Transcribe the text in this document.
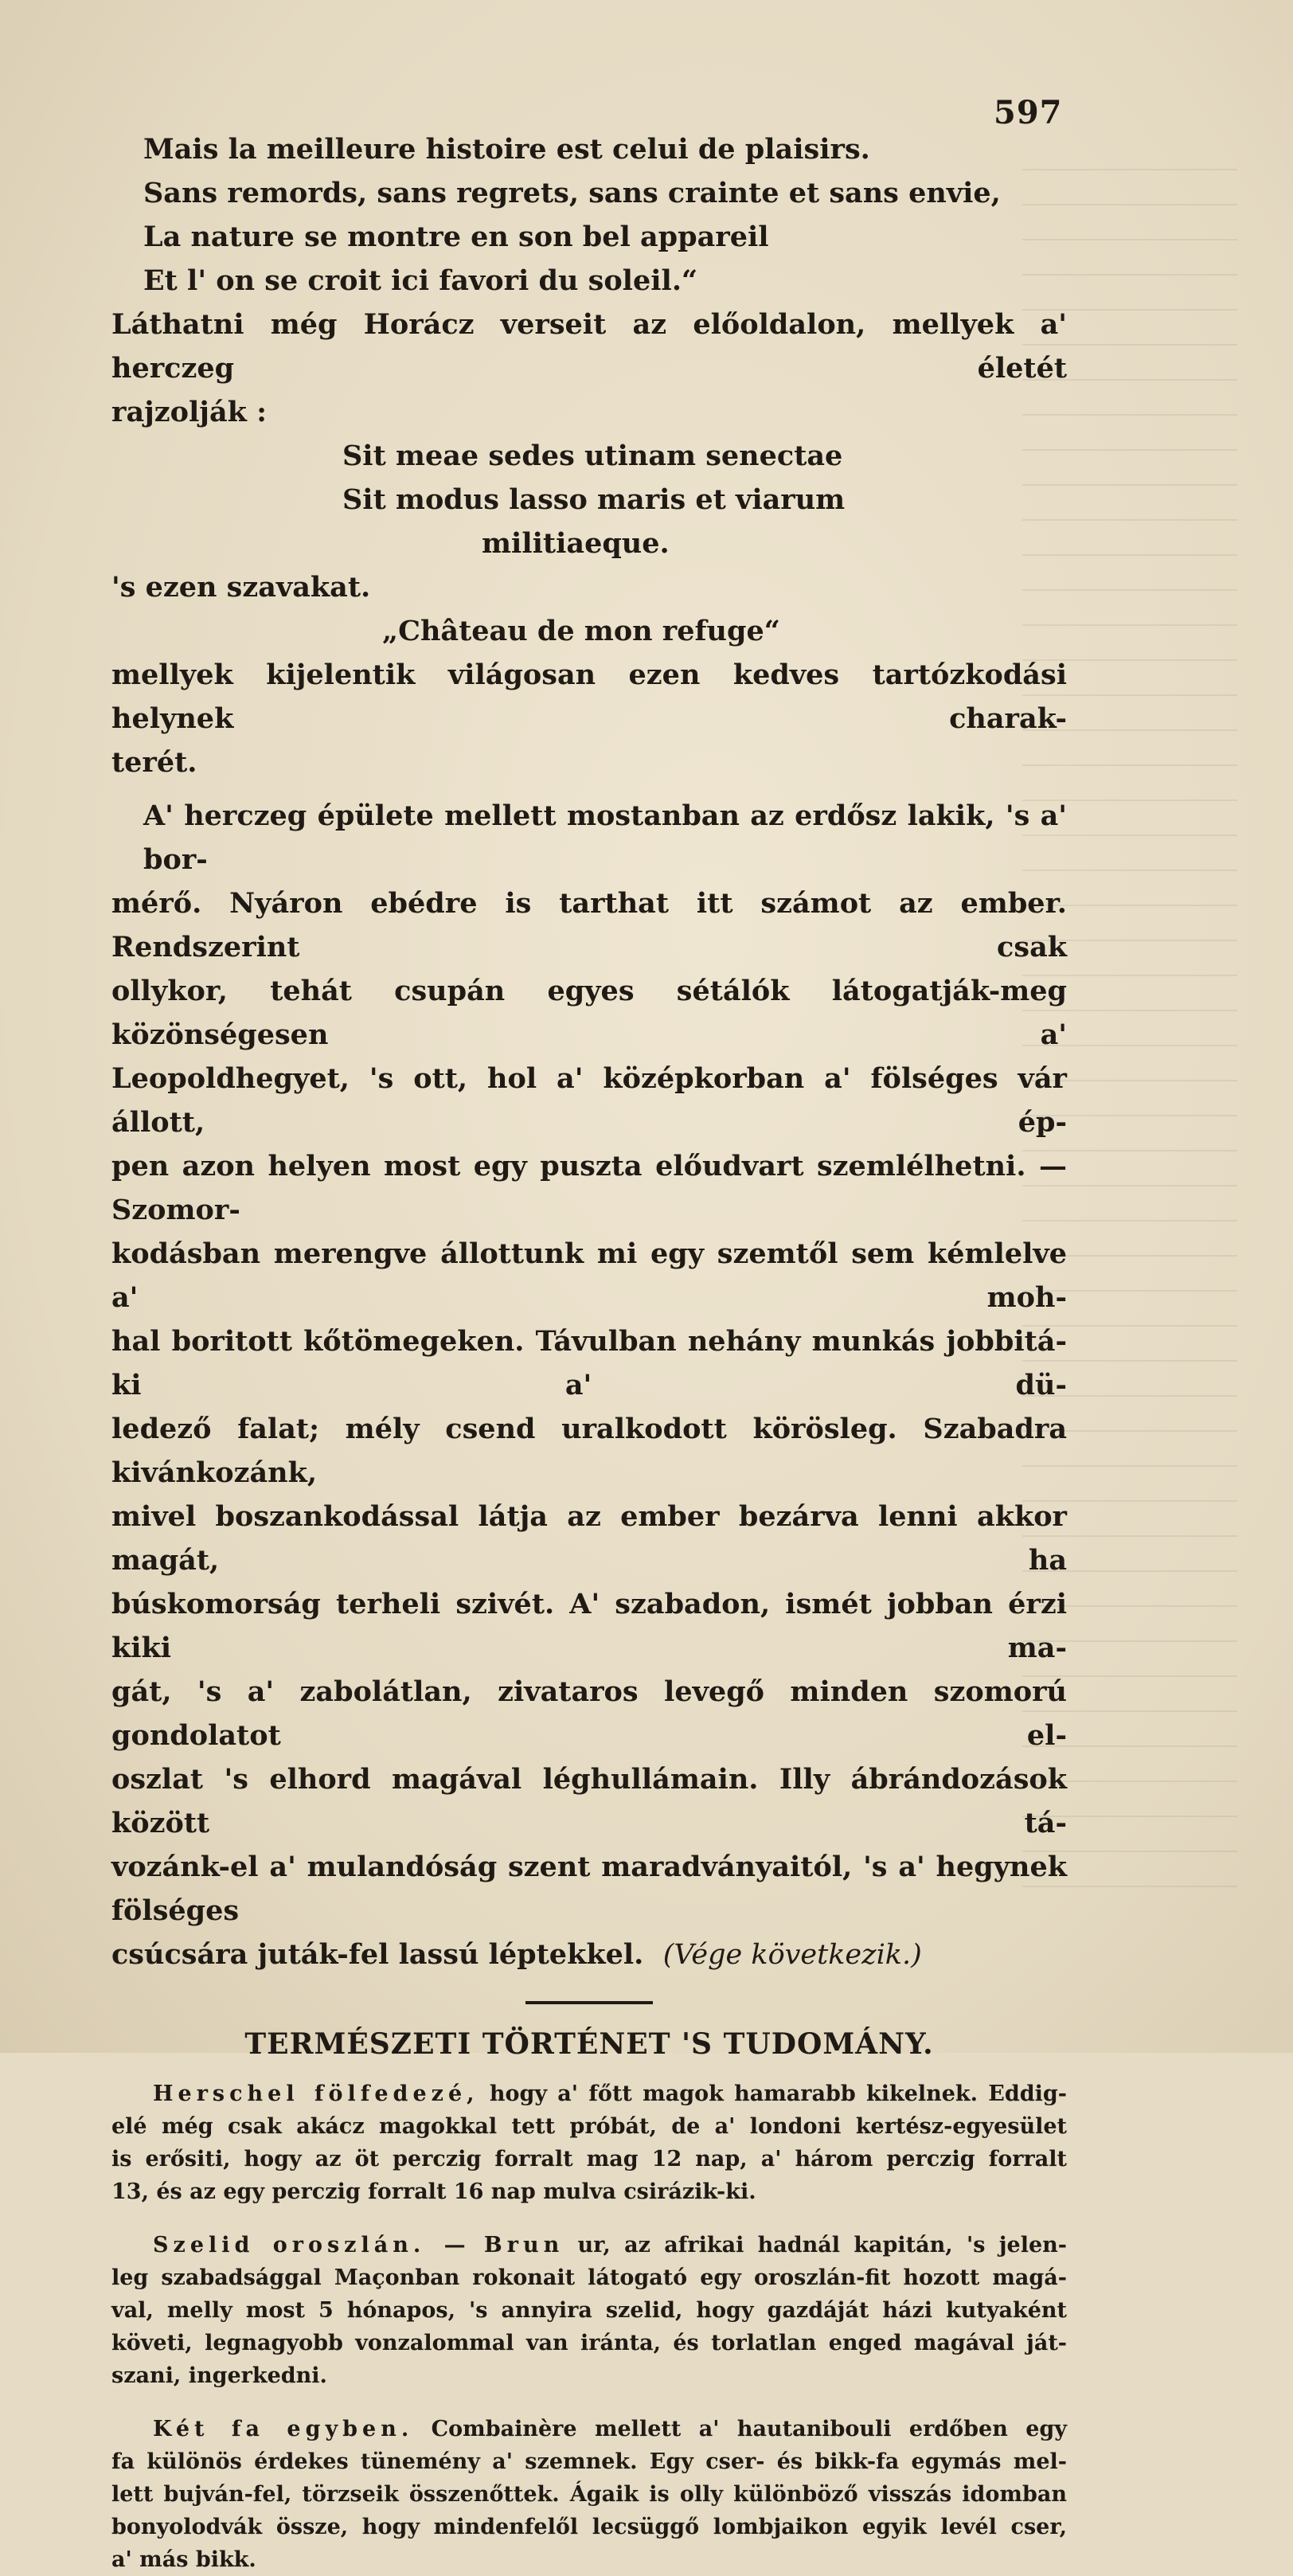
597
Mais la meilleure histoire est celui de plaisirs.
Sans remords, sans regrets, sans crainte et sans envie,
La nature se montre en son bel appareil
Et l' on se croit ici favori du soleil.“
Láthatni még Horácz verseit az előoldalon, mellyek a' herczeg életét
rajzolják :
Sit meae sedes utinam senectae
Sit modus lasso maris et viarum
militiaeque.
's ezen szavakat.
„Château de mon refuge“
mellyek kijelentik világosan ezen kedves tartózkodási helynek charak-
terét.
A' herczeg épülete mellett mostanban az erdősz lakik, 's a' bor-
mérő. Nyáron ebédre is tarthat itt számot az ember. Rendszerint csak
ollykor, tehát csupán egyes sétálók látogatják-meg közönségesen a'
Leopoldhegyet, 's ott, hol a' középkorban a' fölséges vár állott, ép-
pen azon helyen most egy puszta előudvart szemlélhetni. — Szomor-
kodásban merengve állottunk mi egy szemtől sem kémlelve a' moh-
hal boritott kőtömegeken. Távulban nehány munkás jobbitá-ki a' dü-
ledező falat; mély csend uralkodott körösleg. Szabadra kivánkozánk,
mivel boszankodással látja az ember bezárva lenni akkor magát, ha
búskomorság terheli szivét. A' szabadon, ismét jobban érzi kiki ma-
gát, 's a' zabolátlan, zivataros levegő minden szomorú gondolatot el-
oszlat 's elhord magával léghullámain. Illy ábrándozások között tá-
vozánk-el a' mulandóság szent maradványaitól, 's a' hegynek fölséges
csúcsára juták-fel lassú léptekkel. (Vége következik.)
TERMÉSZETI TÖRTÉNET 'S TUDOMÁNY.
Herschel fölfedezé, hogy a' főtt magok hamarabb kikelnek. Eddig-
elé még csak akácz magokkal tett próbát, de a' londoni kertész-egyesület
is erősiti, hogy az öt perczig forralt mag 12 nap, a' három perczig forralt
13, és az egy perczig forralt 16 nap mulva csirázik-ki.
Szelid oroszlán. — Brun ur, az afrikai hadnál kapitán, 's jelen-
leg szabadsággal Maçonban rokonait látogató egy oroszlán-fit hozott magá-
val, melly most 5 hónapos, 's annyira szelid, hogy gazdáját házi kutyaként
követi, legnagyobb vonzalommal van iránta, és torlatlan enged magával ját-
szani, ingerkedni.
Két fa egyben. Combainère mellett a' hautanibouli erdőben egy
fa különös érdekes tünemény a' szemnek. Egy cser- és bikk-fa egymás mel-
lett bujván-fel, törzseik összenőttek. Ágaik is olly különböző visszás idomban
bonyolodvák össze, hogy mindenfelől lecsüggő lombjaikon egyik levél cser,
a' más bikk.
